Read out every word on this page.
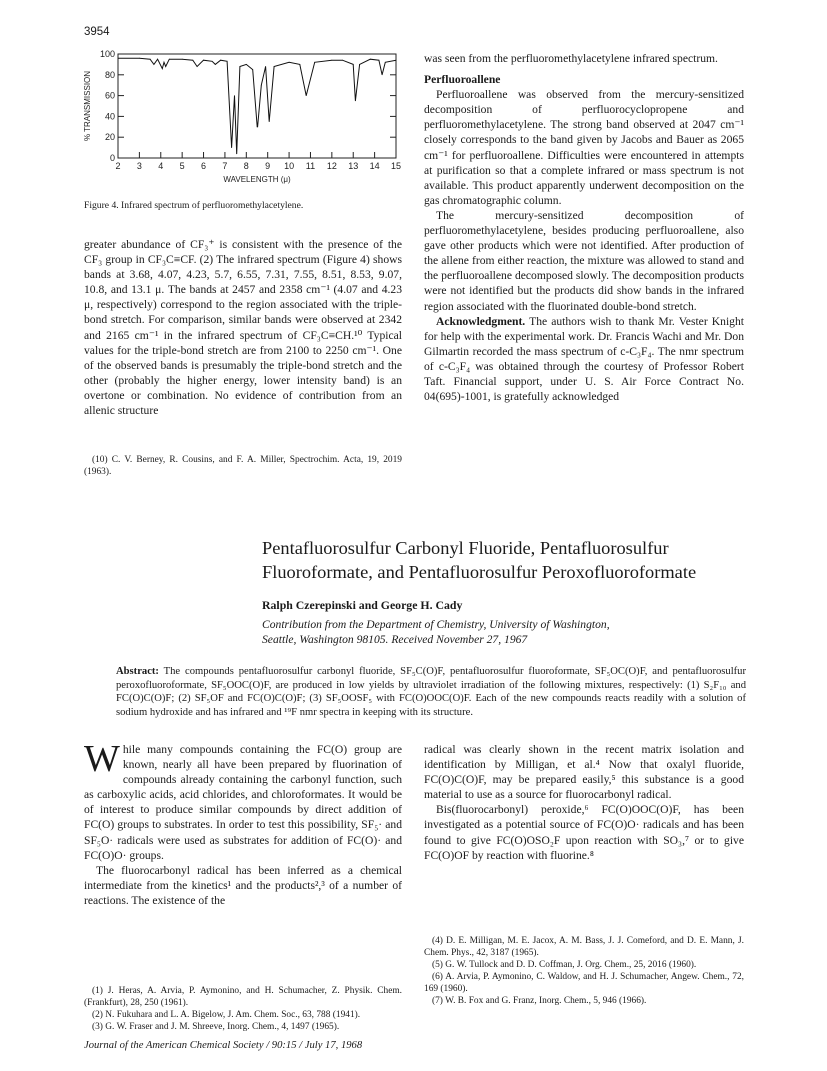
3954
100
80
60
40
20
0
2 3 4 5 6 7 8 9 10 11 12 13 14 15
% TRANSMISSION
WAVELENGTH (μ)
Figure 4. Infrared spectrum of perfluoromethylacetylene.

greater abundance of CF₃⁺ is consistent with the presence of the CF₃ group in CF₃C≡CF. (2) The infrared spectrum (Figure 4) shows bands at 3.68, 4.07, 4.23, 5.7, 6.55, 7.31, 7.55, 8.51, 8.53, 9.07, 10.8, and 13.1 μ. The bands at 2457 and 2358 cm⁻¹ (4.07 and 4.23 μ, respectively) correspond to the region associated with the triple-bond stretch. For comparison, similar bands were observed at 2342 and 2165 cm⁻¹ in the infrared spectrum of CF₃C≡CH.¹⁰ Typical values for the triple-bond stretch are from 2100 to 2250 cm⁻¹. One of the observed bands is presumably the triple-bond stretch and the other (probably the higher energy, lower intensity band) is an overtone or combination. No evidence of contribution from an allenic structure

(10) C. V. Berney, R. Cousins, and F. A. Miller, Spectrochim. Acta, 19, 2019 (1963).

was seen from the perfluoromethylacetylene infrared spectrum.

Perfluoroallene

Perfluoroallene was observed from the mercury-sensitized decomposition of perfluorocyclopropene and perfluoromethylacetylene. The strong band observed at 2047 cm⁻¹ closely corresponds to the band given by Jacobs and Bauer as 2065 cm⁻¹ for perfluoroallene. Difficulties were encountered in attempts at purification so that a complete infrared or mass spectrum is not available. This product apparently underwent decomposition on the gas chromatographic column.

The mercury-sensitized decomposition of perfluoromethylacetylene, besides producing perfluoroallene, also gave other products which were not identified. After production of the allene from either reaction, the mixture was allowed to stand and the perfluoroallene decomposed slowly. The decomposition products were not identified but the products did show bands in the infrared region associated with the fluorinated double-bond stretch.

Acknowledgment. The authors wish to thank Mr. Vester Knight for help with the experimental work. Dr. Francis Wachi and Mr. Don Gilmartin recorded the mass spectrum of c-C₃F₄. The nmr spectrum of c-C₃F₄ was obtained through the courtesy of Professor Robert Taft. Financial support, under U. S. Air Force Contract No. 04(695)-1001, is gratefully acknowledged

Pentafluorosulfur Carbonyl Fluoride, Pentafluorosulfur
Fluoroformate, and Pentafluorosulfur Peroxofluoroformate
Ralph Czerepinski and George H. Cady
Contribution from the Department of Chemistry, University of Washington,
Seattle, Washington 98105. Received November 27, 1967
Abstract: The compounds pentafluorosulfur carbonyl fluoride, SF₅C(O)F, pentafluorosulfur fluoroformate, SF₅OC(O)F, and pentafluorosulfur peroxofluoroformate, SF₅OOC(O)F, are produced in low yields by ultraviolet irradiation of the following mixtures, respectively: (1) S₂F₁₀ and FC(O)C(O)F; (2) SF₅OF and FC(O)C(O)F; (3) SF₅OOSF₅ with FC(O)OOC(O)F. Each of the new compounds reacts readily with a solution of sodium hydroxide and has infrared and ¹⁹F nmr spectra in keeping with its structure.

While many compounds containing the FC(O) group are known, nearly all have been prepared by fluorination of compounds already containing the carbonyl function, such as carboxylic acids, acid chlorides, and chloroformates. It would be of interest to produce similar compounds by direct addition of FC(O) groups to substrates. In order to test this possibility, SF₅· and SF₅O· radicals were used as substrates for addition of FC(O)· and FC(O)O· groups.

The fluorocarbonyl radical has been inferred as a chemical intermediate from the kinetics¹ and the products²,³ of a number of reactions. The existence of the

(1) J. Heras, A. Arvia, P. Aymonino, and H. Schumacher, Z. Physik. Chem. (Frankfurt), 28, 250 (1961).

(2) N. Fukuhara and L. A. Bigelow, J. Am. Chem. Soc., 63, 788 (1941).

(3) G. W. Fraser and J. M. Shreeve, Inorg. Chem., 4, 1497 (1965).

radical was clearly shown in the recent matrix isolation and identification by Milligan, et al.⁴ Now that oxalyl fluoride, FC(O)C(O)F, may be prepared easily,⁵ this substance is a good material to use as a source for fluorocarbonyl radical.

Bis(fluorocarbonyl) peroxide,⁶ FC(O)OOC(O)F, has been investigated as a potential source of FC(O)O· radicals and has been found to give FC(O)OSO₂F upon reaction with SO₃,⁷ or to give FC(O)OF by reaction with fluorine.⁸

(4) D. E. Milligan, M. E. Jacox, A. M. Bass, J. J. Comeford, and D. E. Mann, J. Chem. Phys., 42, 3187 (1965).

(5) G. W. Tullock and D. D. Coffman, J. Org. Chem., 25, 2016 (1960).

(6) A. Arvia, P. Aymonino, C. Waldow, and H. J. Schumacher, Angew. Chem., 72, 169 (1960).

(7) W. B. Fox and G. Franz, Inorg. Chem., 5, 946 (1966).

Journal of the American Chemical Society / 90:15 / July 17, 1968
